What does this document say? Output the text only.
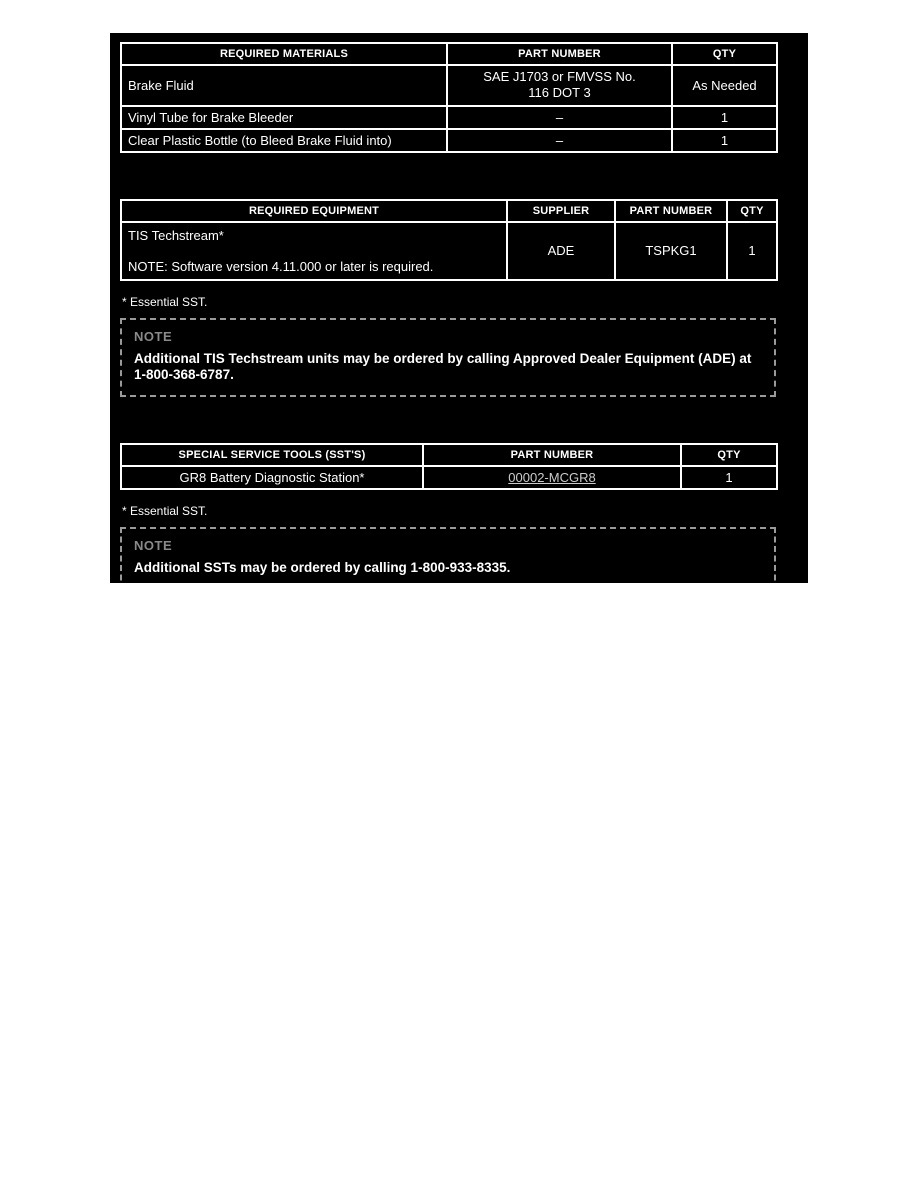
REQUIRED MATERIALS	PART NUMBER	QTY
Brake Fluid	SAE J1703 or FMVSS No. 116 DOT 3	As Needed
Vinyl Tube for Brake Bleeder	–	1
Clear Plastic Bottle (to Bleed Brake Fluid into)	–	1
REQUIRED EQUIPMENT	SUPPLIER	PART NUMBER	QTY

TIS Techstream*
NOTE: Software version 4.11.000 or later is required.	ADE	TSPKG1	1
* Essential SST.
NOTE
Additional TIS Techstream units may be ordered by calling Approved Dealer Equipment (ADE) at 1-800-368-6787.
SPECIAL SERVICE TOOLS (SST'S)	PART NUMBER	QTY
GR8 Battery Diagnostic Station*	00002-MCGR8	1
* Essential SST.
NOTE
Additional SSTs may be ordered by calling 1-800-933-8335.
